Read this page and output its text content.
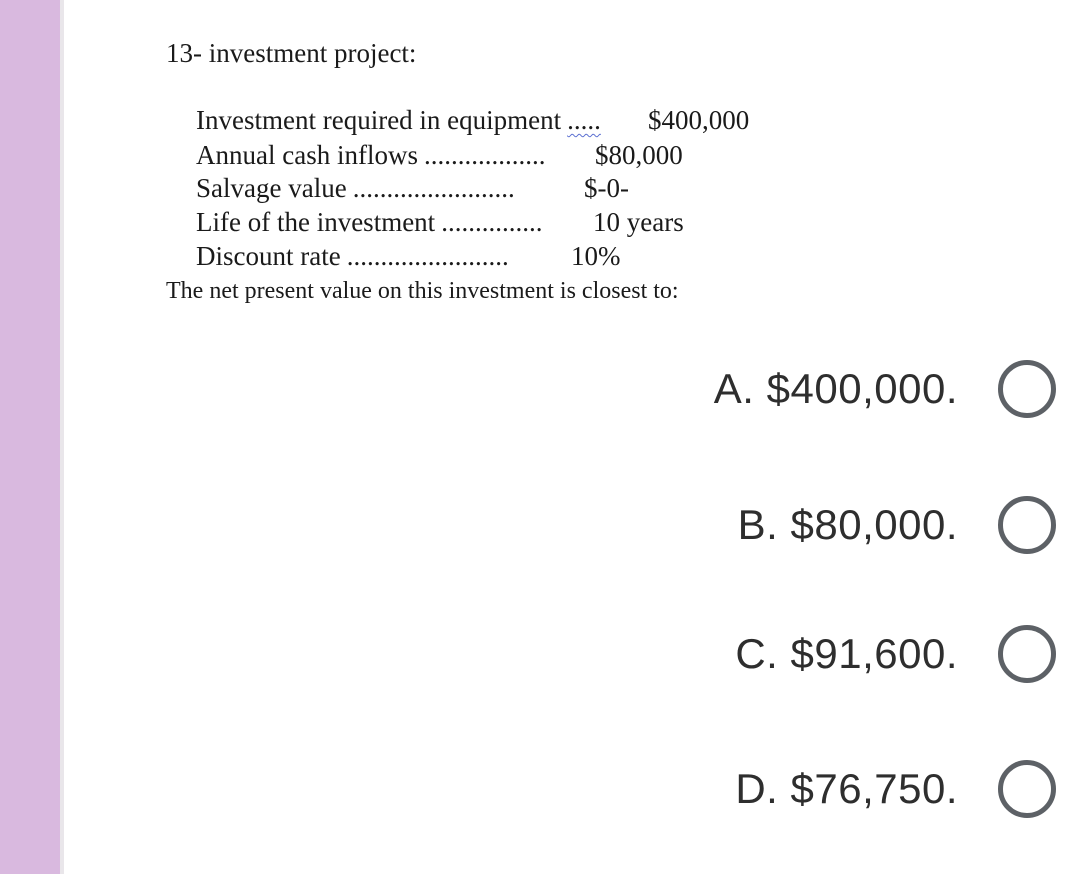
13- investment project:
Investment required in equipment ..... $400,000
Annual cash inflows .................. $80,000
Salvage value ........................	$-0-
Life of the investment ............... 10 years
Discount rate ........................ 10%
The net present value on this investment is closest to:
A. $400,000.
B. $80,000.
C. $91,600.
D. $76,750.
